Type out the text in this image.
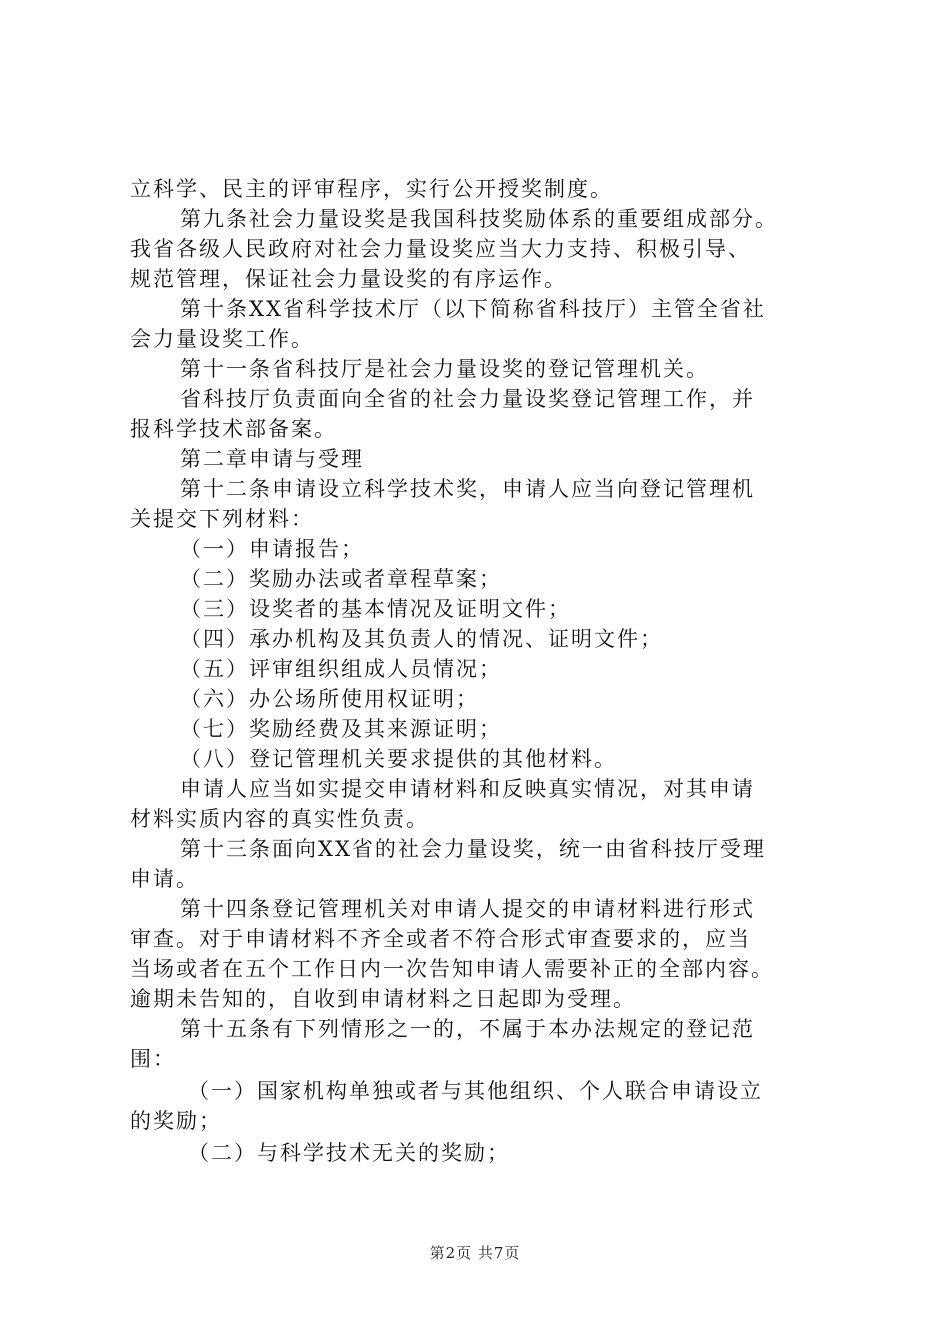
立科学、民主的评审程序，实行公开授奖制度。
第九条社会力量设奖是我国科技奖励体系的重要组成部分。
我省各级人民政府对社会力量设奖应当大力支持、积极引导、
规范管理，保证社会力量设奖的有序运作。
第十条XX省科学技术厅（以下简称省科技厅）主管全省社
会力量设奖工作。
第十一条省科技厅是社会力量设奖的登记管理机关。
省科技厅负责面向全省的社会力量设奖登记管理工作，并
报科学技术部备案。
第二章申请与受理
第十二条申请设立科学技术奖，申请人应当向登记管理机
关提交下列材料：
（一）申请报告；
（二）奖励办法或者章程草案；
（三）设奖者的基本情况及证明文件；
（四）承办机构及其负责人的情况、证明文件；
（五）评审组织组成人员情况；
（六）办公场所使用权证明；
（七）奖励经费及其来源证明；
（八）登记管理机关要求提供的其他材料。
申请人应当如实提交申请材料和反映真实情况，对其申请
材料实质内容的真实性负责。
第十三条面向XX省的社会力量设奖，统一由省科技厅受理
申请。
第十四条登记管理机关对申请人提交的申请材料进行形式
审查。对于申请材料不齐全或者不符合形式审查要求的，应当
当场或者在五个工作日内一次告知申请人需要补正的全部内容。
逾期未告知的，自收到申请材料之日起即为受理。
第十五条有下列情形之一的，不属于本办法规定的登记范
围：
（一）国家机构单独或者与其他组织、个人联合申请设立
的奖励；
（二）与科学技术无关的奖励；
第2页 共7页
